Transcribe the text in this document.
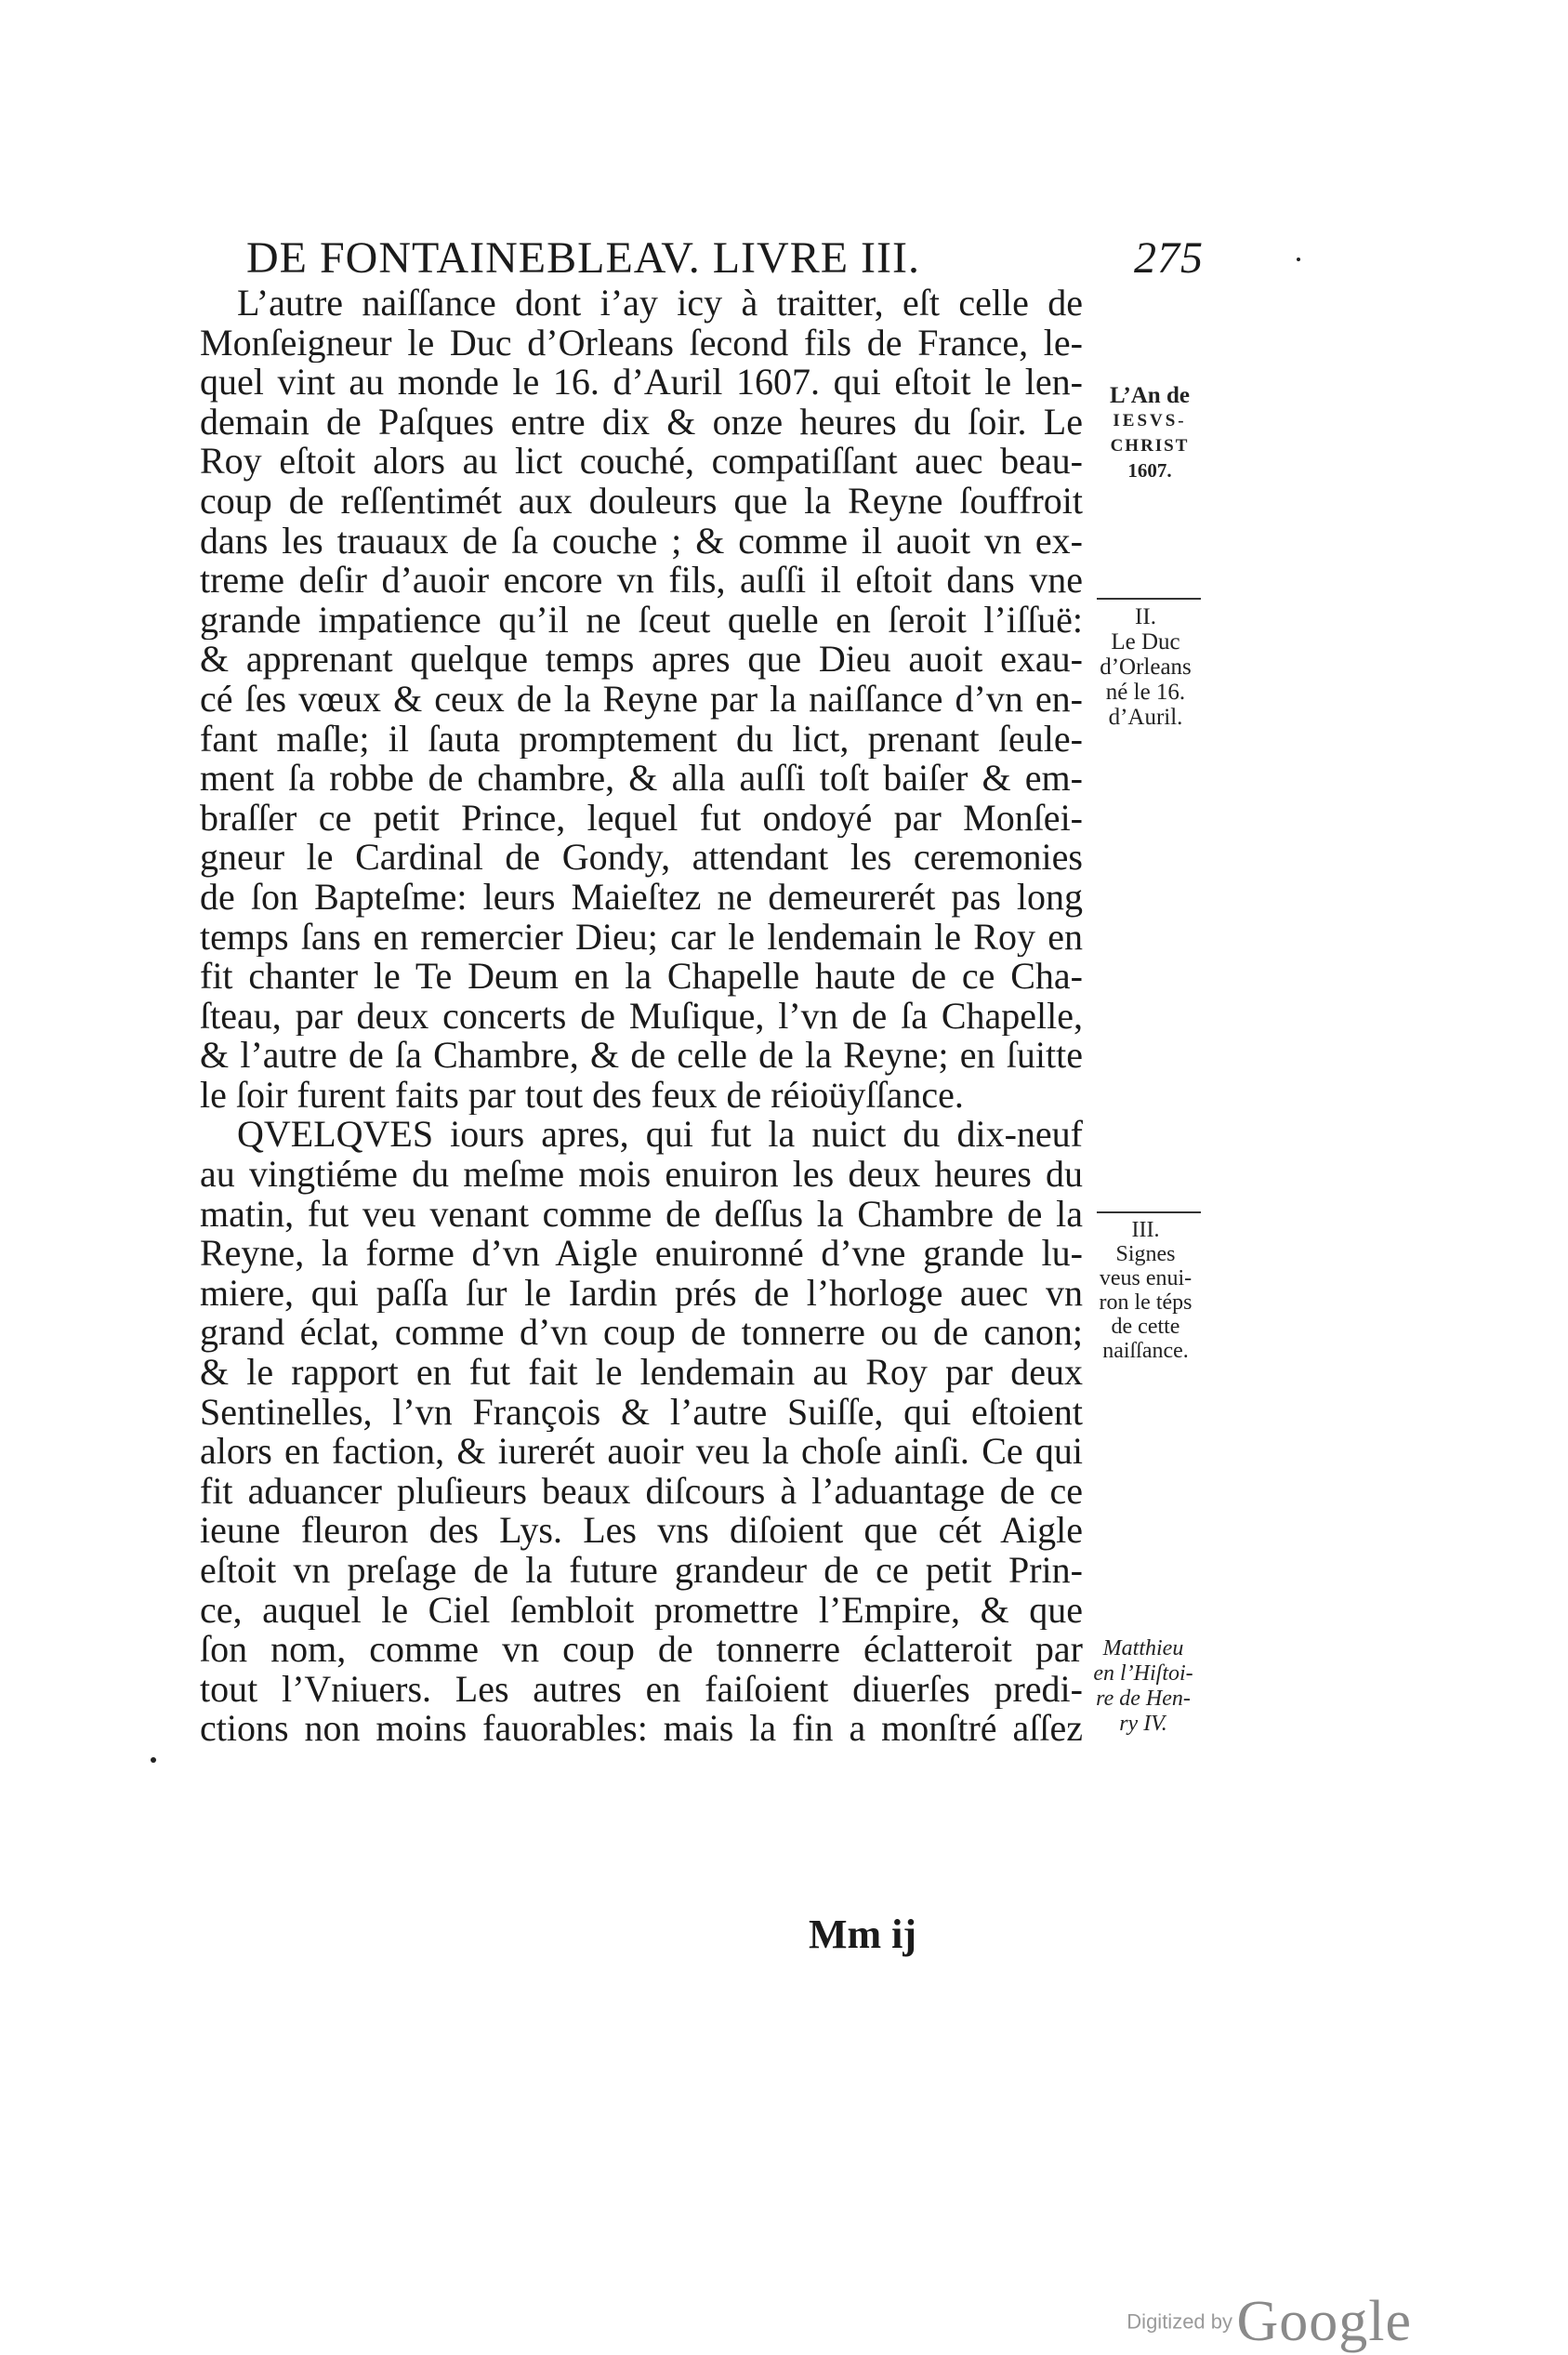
DE FONTAINEBLEAV. LIVRE III.	275
L’autre naiſſance dont i’ay icy à traitter, eſt celle de
Monſeigneur le Duc d’Orleans ſecond fils de France, le-
quel vint au monde le 16. d’Auril 1607. qui eſtoit le len-
demain de Paſques entre dix & onze heures du ſoir. Le
Roy eſtoit alors au lict couché, compatiſſant auec beau-
coup de reſſentimét aux douleurs que la Reyne ſouffroit
dans les trauaux de ſa couche ; & comme il auoit vn ex-
treme deſir d’auoir encore vn fils, auſſi il eſtoit dans vne
grande impatience qu’il ne ſceut quelle en ſeroit l’iſſuë:
& apprenant quelque temps apres que Dieu auoit exau-
cé ſes vœux & ceux de la Reyne par la naiſſance d’vn en-
fant maſle; il ſauta promptement du lict, prenant ſeule-
ment ſa robbe de chambre, & alla auſſi toſt baiſer & em-
braſſer ce petit Prince, lequel fut ondoyé par Monſei-
gneur le Cardinal de Gondy, attendant les ceremonies
de ſon Bapteſme: leurs Maieſtez ne demeurerét pas long
temps ſans en remercier Dieu; car le lendemain le Roy en
fit chanter le Te Deum en la Chapelle haute de ce Cha-
ſteau, par deux concerts de Muſique, l’vn de ſa Chapelle,
& l’autre de ſa Chambre, & de celle de la Reyne; en ſuitte
le ſoir furent faits par tout des feux de réioüyſſance.
QVELQVES iours apres, qui fut la nuict du dix-neuf
au vingtiéme du meſme mois enuiron les deux heures du
matin, fut veu venant comme de deſſus la Chambre de la
Reyne, la forme d’vn Aigle enuironné d’vne grande lu-
miere, qui paſſa ſur le Iardin prés de l’horloge auec vn
grand éclat, comme d’vn coup de tonnerre ou de canon;
& le rapport en fut fait le lendemain au Roy par deux
Sentinelles, l’vn François & l’autre Suiſſe, qui eſtoient
alors en faction, & iurerét auoir veu la choſe ainſi. Ce qui
fit aduancer pluſieurs beaux diſcours à l’aduantage de ce
ieune fleuron des Lys. Les vns diſoient que cét Aigle
eſtoit vn preſage de la future grandeur de ce petit Prin-
ce, auquel le Ciel ſembloit promettre l’Empire, & que
ſon nom, comme vn coup de tonnerre éclatteroit par
tout l’Vniuers. Les autres en faiſoient diuerſes predi-
ctions non moins fauorables: mais la fin a monſtré aſſez
L’An de
IESVS-
CHRIST
1607.
II.
Le Duc
d’Orleans
né le 16.
d’Auril.
III.
Signes
veus enui-
ron le téps
de cette
naiſſance.
Matthieu
en l’Hiſtoi-
re de Hen-
ry IV.
Mm ij
Digitized by Google
